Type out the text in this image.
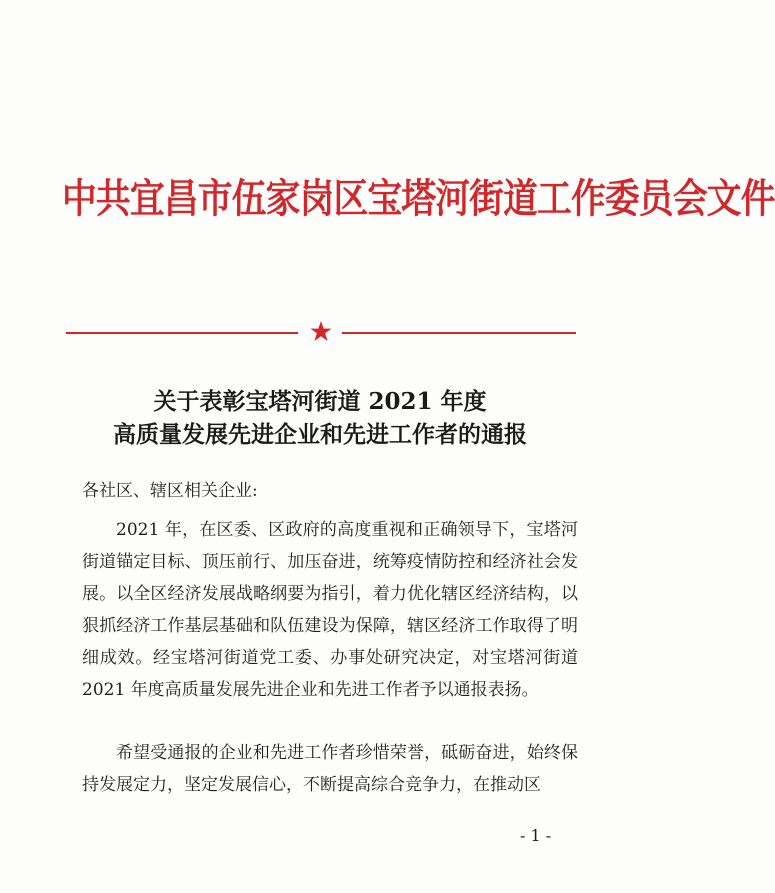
中共宜昌市伍家岗区宝塔河街道工作委员会文件
关于表彰宝塔河街道 2021 年度
高质量发展先进企业和先进工作者的通报
各社区、辖区相关企业:

2021 年，在区委、区政府的高度重视和正确领导下，宝塔河街道锚定目标、顶压前行、加压奋进，统筹疫情防控和经济社会发展。以全区经济发展战略纲要为指引，着力优化辖区经济结构，以狠抓经济工作基层基础和队伍建设为保障，辖区经济工作取得了明细成效。经宝塔河街道党工委、办事处研究决定，对宝塔河街道 2021 年度高质量发展先进企业和先进工作者予以通报表扬。

希望受通报的企业和先进工作者珍惜荣誉，砥砺奋进，始终保持发展定力，坚定发展信心，不断提高综合竞争力，在推动区

- 1 -
